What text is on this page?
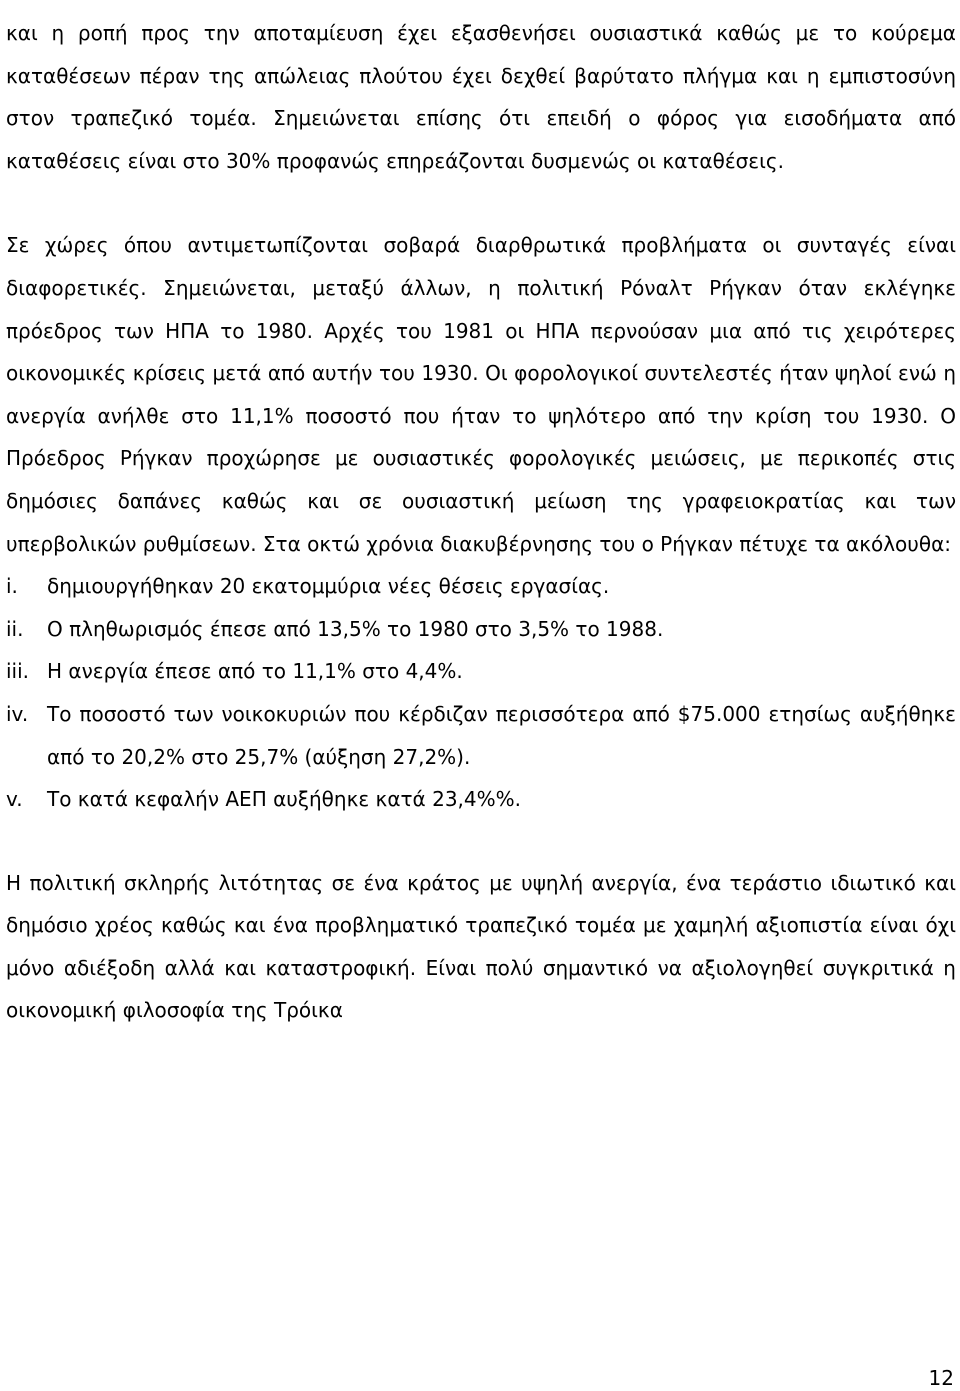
και η ροπή προς την αποταμίευση έχει εξασθενήσει ουσιαστικά καθώς με το κούρεμα καταθέσεων πέραν της απώλειας πλούτου έχει δεχθεί βαρύτατο πλήγμα και η εμπιστοσύνη στον τραπεζικό τομέα. Σημειώνεται επίσης ότι επειδή ο φόρος για εισοδήματα από καταθέσεις είναι στο 30% προφανώς επηρεάζονται δυσμενώς οι καταθέσεις.

Σε χώρες όπου αντιμετωπίζονται σοβαρά διαρθρωτικά προβλήματα οι συνταγές είναι διαφορετικές. Σημειώνεται, μεταξύ άλλων, η πολιτική Ρόναλτ Ρήγκαν όταν εκλέγηκε πρόεδρος των ΗΠΑ το 1980. Αρχές του 1981 οι ΗΠΑ περνούσαν μια από τις χειρότερες οικονομικές κρίσεις μετά από αυτήν του 1930. Οι φορολογικοί συντελεστές ήταν ψηλοί ενώ η ανεργία ανήλθε στο 11,1% ποσοστό που ήταν το ψηλότερο από την κρίση του 1930. Ο Πρόεδρος Ρήγκαν προχώρησε με ουσιαστικές φορολογικές μειώσεις, με περικοπές στις δημόσιες δαπάνες καθώς και σε ουσιαστική μείωση της γραφειοκρατίας και των υπερβολικών ρυθμίσεων. Στα οκτώ χρόνια διακυβέρνησης του ο Ρήγκαν πέτυχε τα ακόλουθα:

i.	δημιουργήθηκαν 20 εκατομμύρια νέες θέσεις εργασίας.
ii.	Ο πληθωρισμός έπεσε από 13,5% το 1980 στο 3,5% το 1988.
iii. Η ανεργία έπεσε από το 11,1% στο 4,4%.
iv. Το ποσοστό των νοικοκυριών που κέρδιζαν περισσότερα από $75.000 ετησίως αυξήθηκε από το 20,2% στο 25,7% (αύξηση 27,2%).
v.	Το κατά κεφαλήν ΑΕΠ αυξήθηκε κατά 23,4%%.

Η πολιτική σκληρής λιτότητας σε ένα κράτος με υψηλή ανεργία, ένα τεράστιο ιδιωτικό και δημόσιο χρέος καθώς και ένα προβληματικό τραπεζικό τομέα με χαμηλή αξιοπιστία είναι όχι μόνο αδιέξοδη αλλά και καταστροφική. Είναι πολύ σημαντικό να αξιολογηθεί συγκριτικά η οικονομική φιλοσοφία της Τρόικα

12
